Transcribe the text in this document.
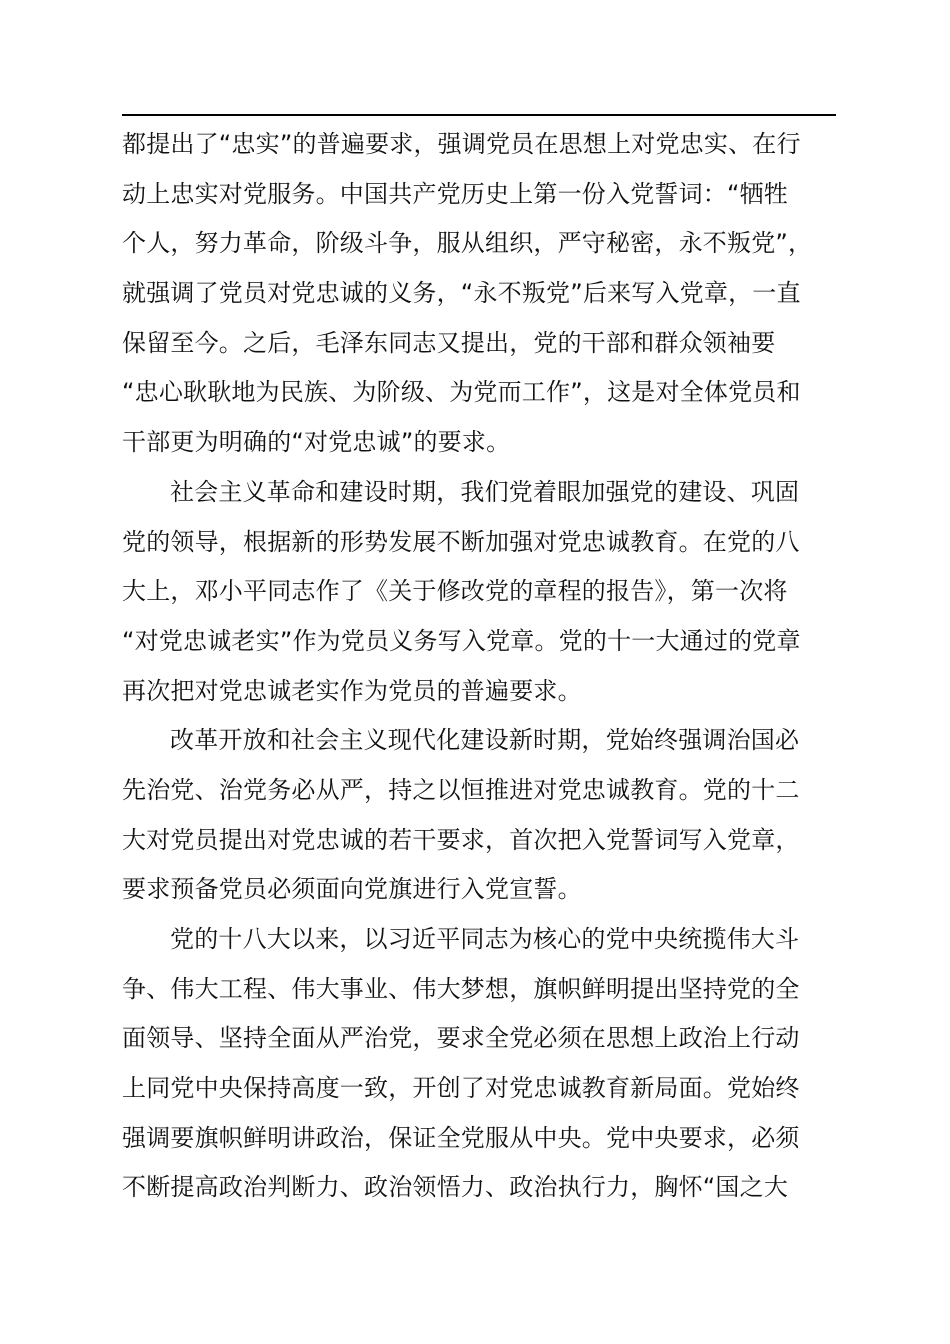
都提出了“忠实”的普遍要求，强调党员在思想上对党忠实、在行
动上忠实对党服务。中国共产党历史上第一份入党誓词：“牺牲
个人，努力革命，阶级斗争，服从组织，严守秘密，永不叛党”，
就强调了党员对党忠诚的义务，“永不叛党”后来写入党章，一直
保留至今。之后，毛泽东同志又提出，党的干部和群众领袖要
“忠心耿耿地为民族、为阶级、为党而工作”，这是对全体党员和
干部更为明确的“对党忠诚”的要求。
社会主义革命和建设时期，我们党着眼加强党的建设、巩固
党的领导，根据新的形势发展不断加强对党忠诚教育。在党的八
大上，邓小平同志作了《关于修改党的章程的报告》，第一次将
“对党忠诚老实”作为党员义务写入党章。党的十一大通过的党章
再次把对党忠诚老实作为党员的普遍要求。
改革开放和社会主义现代化建设新时期，党始终强调治国必
先治党、治党务必从严，持之以恒推进对党忠诚教育。党的十二
大对党员提出对党忠诚的若干要求，首次把入党誓词写入党章，
要求预备党员必须面向党旗进行入党宣誓。
党的十八大以来，以习近平同志为核心的党中央统揽伟大斗
争、伟大工程、伟大事业、伟大梦想，旗帜鲜明提出坚持党的全
面领导、坚持全面从严治党，要求全党必须在思想上政治上行动
上同党中央保持高度一致，开创了对党忠诚教育新局面。党始终
强调要旗帜鲜明讲政治，保证全党服从中央。党中央要求，必须
不断提高政治判断力、政治领悟力、政治执行力，胸怀“国之大
